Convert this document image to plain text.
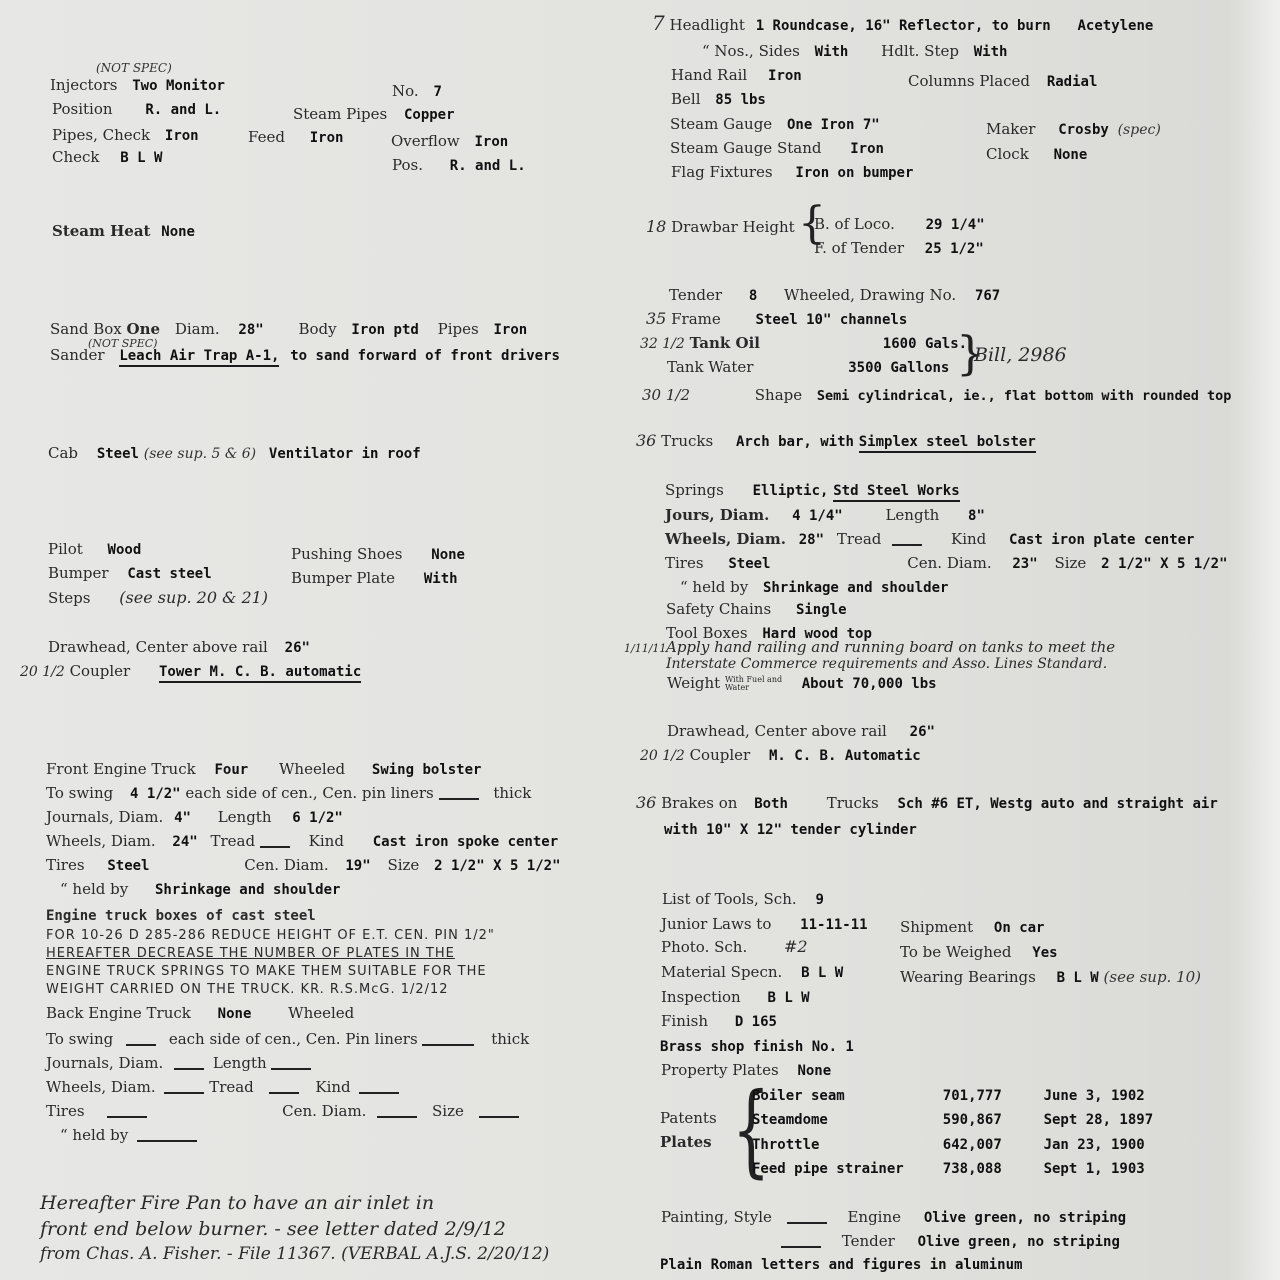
(NOT SPEC)
Injectors Two Monitor	No. 7
Position R. and L.	Steam Pipes Copper
Pipes, Check Iron	Feed Iron	Overflow Iron
Check B L W	Pos. R. and L.
Steam Heat None
Sand Box One Diam. 28" Body Iron ptd Pipes Iron
(NOT SPEC)
Sander Leach Air Trap A-1, to sand forward of front drivers
Cab Steel (see sup. 5 & 6) Ventilator in roof
Pilot Wood	Pushing Shoes None
Bumper Cast steel	Bumper Plate With
Steps (see sup. 20 & 21)
Drawhead, Center above rail 26"
20 1/2 Coupler Tower M. C. B. automatic
Front Engine Truck Four Wheeled Swing bolster
To swing 4 1/2" each side of cen., Cen. pin liners	thick
Journals, Diam. 4" Length 6 1/2"
Wheels, Diam. 24" Tread	Kind Cast iron spoke center
Tires Steel	Cen. Diam. 19" Size 2 1/2" X 5 1/2"
“ held by Shrinkage and shoulder
Engine truck boxes of cast steel
FOR 10-26 D 285-286 REDUCE HEIGHT OF E.T. CEN. PIN 1/2"
HEREAFTER DECREASE THE NUMBER OF PLATES IN THE
ENGINE TRUCK SPRINGS TO MAKE THEM SUITABLE FOR THE
WEIGHT CARRIED ON THE TRUCK. KR. R.S.McG. 1/2/12
Back Engine Truck None Wheeled
To swing	each side of cen., Cen. Pin liners	thick
Journals, Diam.	Length
Wheels, Diam.	Tread	Kind
Tires	Cen. Diam.	Size
“ held by
Hereafter Fire Pan to have an air inlet in
front end below burner. - see letter dated 2/9/12
from Chas. A. Fisher. - File 11367. (VERBAL A.J.S. 2/20/12)
7 Headlight 1 Roundcase, 16" Reflector, to burn Acetylene
“ Nos., Sides With Hdlt. Step With
Hand Rail Iron	Columns Placed Radial
Bell 85 lbs
Steam Gauge One Iron 7"	Maker Crosby (spec)
Steam Gauge Stand Iron	Clock None
Flag Fixtures Iron on bumper
18 Drawbar Height {
B. of Loco. 29 1/4"
F. of Tender 25 1/2"
Tender 8 Wheeled, Drawing No. 767
35 Frame Steel 10" channels
32 1/2 Tank Oil	1600 Gals.,
Tank Water	3500 Gallons }
Bill, 2986
30 1/2	Shape Semi cylindrical, ie., flat bottom with rounded top
36 Trucks Arch bar, with Simplex steel bolster
Springs Elliptic, Std Steel Works
Jours, Diam. 4 1/4"	Length 8"
Wheels, Diam. 28" Tread	Kind Cast iron plate center
Tires Steel	Cen. Diam. 23" Size 2 1/2" X 5 1/2"
“ held by Shrinkage and shoulder
Safety Chains Single
Tool Boxes Hard wood top
1/11/11 Apply hand railing and running board on tanks to meet the
Interstate Commerce requirements and Asso. Lines Standard.
Weight With Fuel and Water	About 70,000 lbs
Drawhead, Center above rail 26"
20 1/2 Coupler M. C. B. Automatic
36 Brakes on Both	Trucks Sch #6 ET, Westg auto and straight air
with 10" X 12" tender cylinder
List of Tools, Sch. 9
Junior Laws to 11-11-11 Shipment On car
Photo. Sch. #2	To be Weighed Yes
Material Specn. B L W	Wearing Bearings B L W (see sup. 10)
Inspection B L W
Finish D 165
Brass shop finish No. 1
Property Plates None
Patents
Plates {
Boiler seam	701,777	June 3, 1902
Steamdome	590,867	Sept 28, 1897
Throttle	642,007	Jan 23, 1900
Feed pipe strainer	738,088	Sept 1, 1903
Painting, Style	Engine Olive green, no striping
Tender Olive green, no striping
Plain Roman letters and figures in aluminum
